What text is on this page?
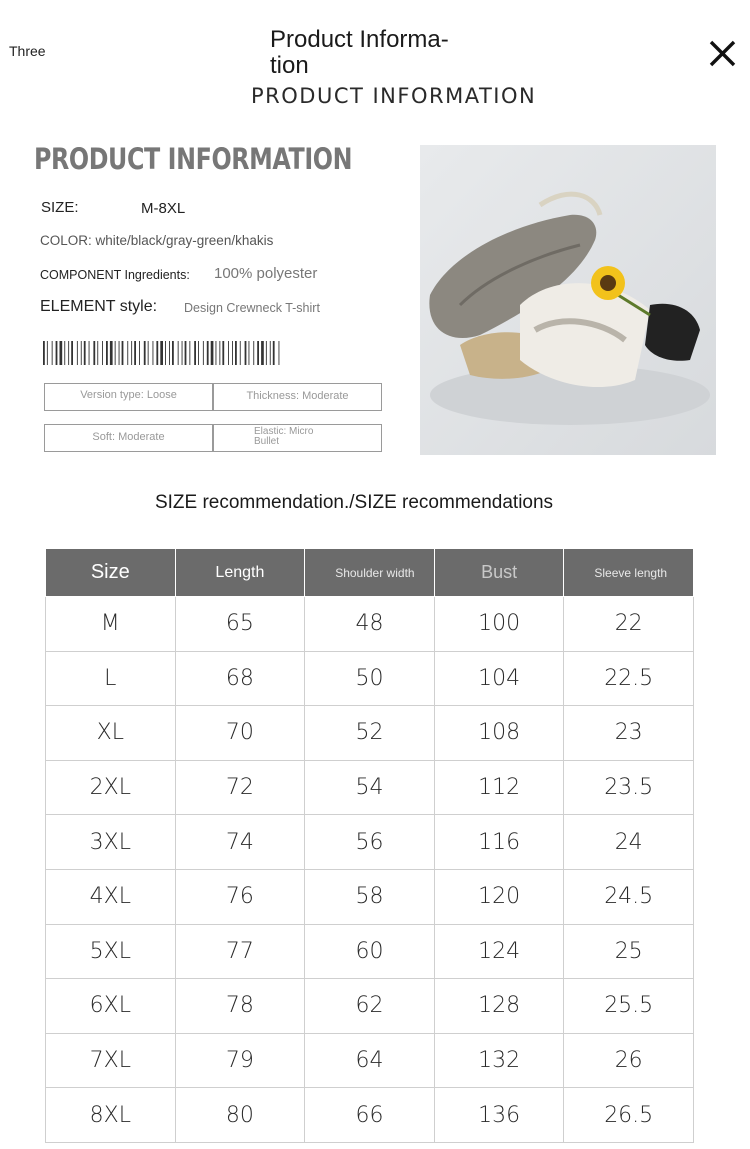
Three	Product Informa- tion
PRODUCT INFORMATION
PRODUCT INFORMATION
SIZE:	M-8XL
COLOR: white/black/gray-green/khakis
COMPONENT Ingredients: 100% polyester
ELEMENT style: Design Crewneck T-shirt
Version type: Loose	Thickness: Moderate
Soft: Moderate	Elastic: Micro Bullet
SIZE recommendation./SIZE recommendations
Size	Length	Shoulder width	Bust	Sleeve length
M	65	48	100	22
L	68	50	104	22.5
XL	70	52	108	23
2XL	72	54	112	23.5
3XL	74	56	116	24
4XL	76	58	120	24.5
5XL	77	60	124	25
6XL	78	62	128	25.5
7XL	79	64	132	26
8XL	80	66	136	26.5
